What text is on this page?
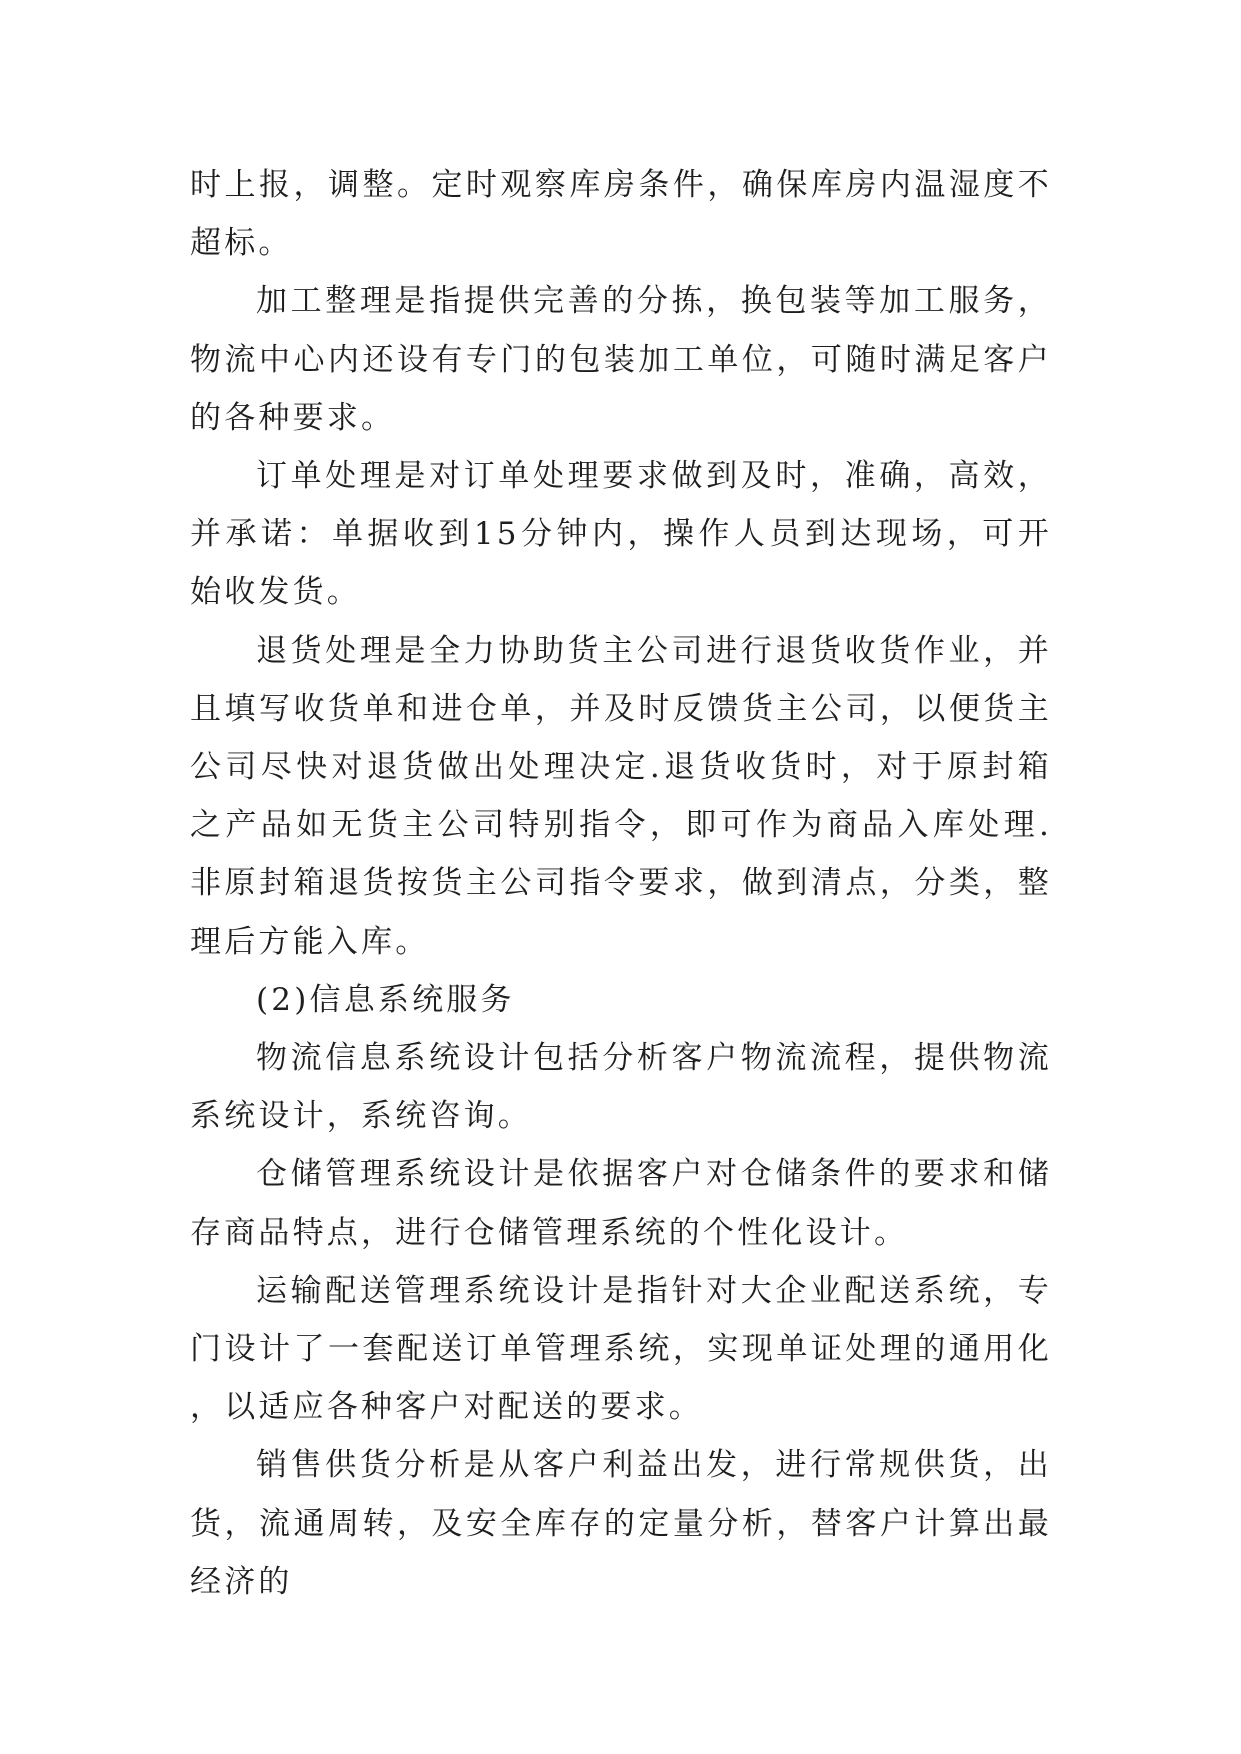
时上报，调整。定时观察库房条件，确保库房内温湿度不超标。

加工整理是指提供完善的分拣，换包装等加工服务，物流中心内还设有专门的包装加工单位，可随时满足客户的各种要求。

订单处理是对订单处理要求做到及时，准确，高效，并承诺：单据收到15分钟内，操作人员到达现场，可开始收发货。

退货处理是全力协助货主公司进行退货收货作业，并且填写收货单和进仓单，并及时反馈货主公司，以便货主公司尽快对退货做出处理决定.退货收货时，对于原封箱之产品如无货主公司特别指令，即可作为商品入库处理.非原封箱退货按货主公司指令要求，做到清点，分类，整理后方能入库。

(2)信息系统服务

物流信息系统设计包括分析客户物流流程，提供物流系统设计，系统咨询。

仓储管理系统设计是依据客户对仓储条件的要求和储存商品特点，进行仓储管理系统的个性化设计。

运输配送管理系统设计是指针对大企业配送系统，专门设计了一套配送订单管理系统，实现单证处理的通用化，以适应各种客户对配送的要求。

销售供货分析是从客户利益出发，进行常规供货，出货，流通周转，及安全库存的定量分析，替客户计算出最经济的
